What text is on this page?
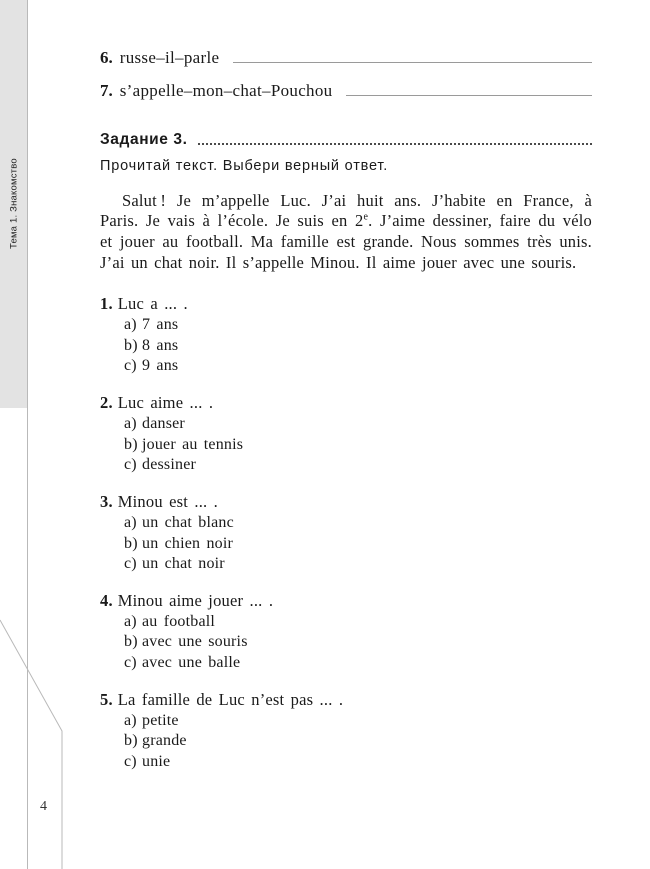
Тема 1. Знакомство
4
6. russe–il–parle
7. s’appelle–mon–chat–Pouchou
Задание 3.
Прочитай текст. Выбери верный ответ.

Salut ! Je m’appelle Luc. J’ai huit ans. J’habite en France, à Paris. Je vais à l’école. Je suis en 2e. J’aime dessiner, faire du vélo et jouer au football. Ma famille est grande. Nous sommes très unis. J’ai un chat noir. Il s’appelle Minou. Il aime jouer avec une souris.

1. Luc a ... .
a) 7 ans
b) 8 ans
c) 9 ans
2. Luc aime ... .
a) danser
b) jouer au tennis
c) dessiner
3. Minou est ... .
a) un chat blanc
b) un chien noir
c) un chat noir
4. Minou aime jouer ... .
a) au football
b) avec une souris
c) avec une balle
5. La famille de Luc n’est pas ... .
a) petite
b) grande
c) unie
